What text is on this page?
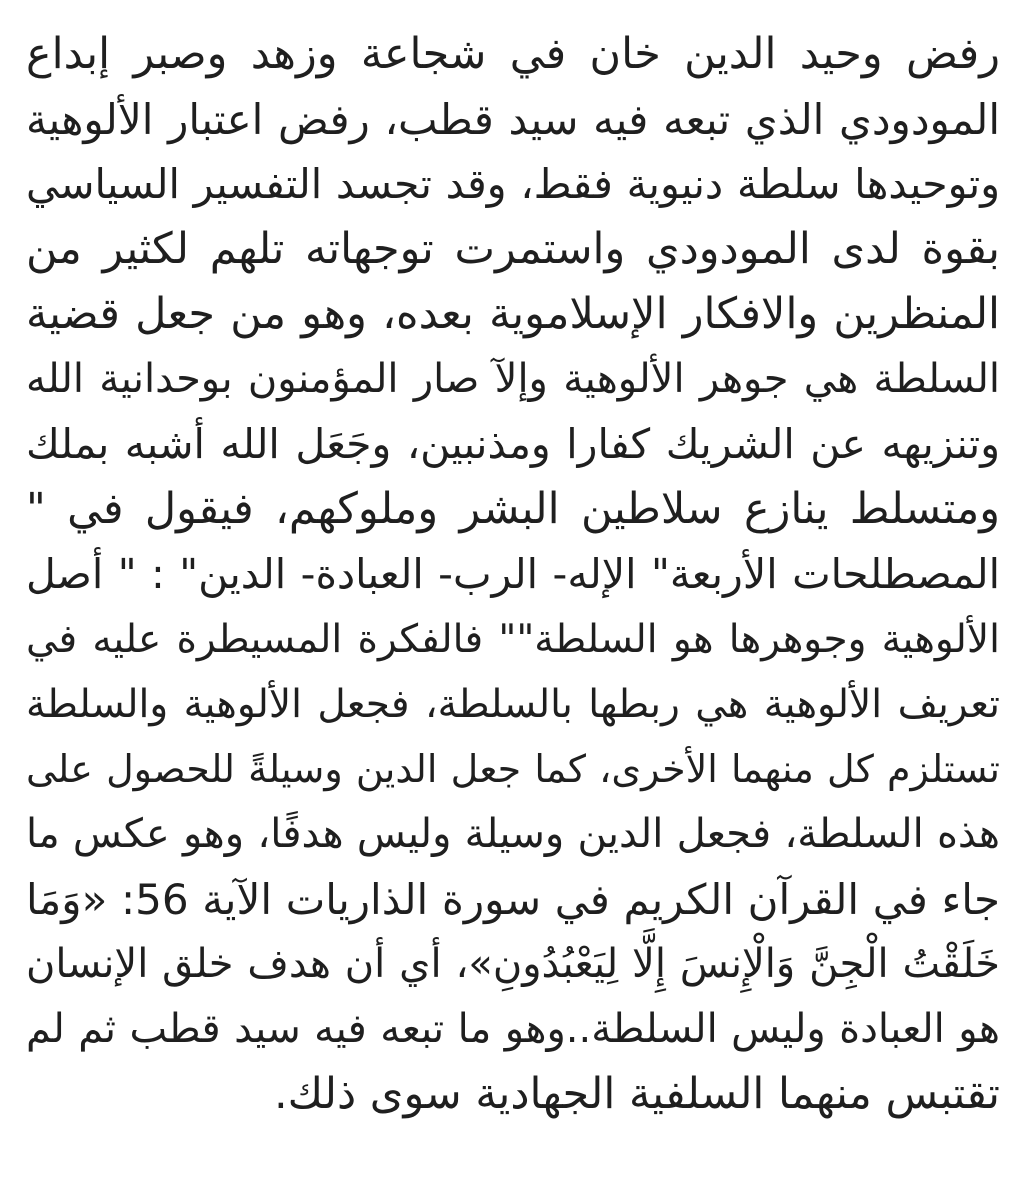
رفض وحيد الدين خان في شجاعة وزهد وصبر إبداع
المودودي الذي تبعه فيه سيد قطب، رفض اعتبار الألوهية
وتوحيدها سلطة دنيوية فقط، وقد تجسد التفسير السياسي
بقوة لدى المودودي واستمرت توجهاته تلهم لكثير من
المنظرين والافكار الإسلاموية بعده، وهو من جعل قضية
السلطة هي جوهر الألوهية وإلآ صار المؤمنون بوحدانية الله
وتنزيهه عن الشريك كفارا ومذنبين، وجَعَل الله أشبه بملك
ومتسلط ينازع سلاطين البشر وملوكهم، فيقول في "
المصطلحات الأربعة" الإله- الرب- العبادة- الدين" : " أصل
الألوهية وجوهرها هو السلطة"" فالفكرة المسيطرة عليه في
تعريف الألوهية هي ربطها بالسلطة، فجعل الألوهية والسلطة
تستلزم كل منهما الأخرى، كما جعل الدين وسيلةً للحصول على
هذه السلطة، فجعل الدين وسيلة وليس هدفًا، وهو عكس ما
جاء في القرآن الكريم في سورة الذاريات الآية 56: «وَمَا
خَلَقْتُ الْجِنَّ وَالْإِنسَ إِلَّا لِيَعْبُدُونِ»، أي أن هدف خلق الإنسان
هو العبادة وليس السلطة..وهو ما تبعه فيه سيد قطب ثم لم
تقتبس منهما السلفية الجهادية سوى ذلك.
